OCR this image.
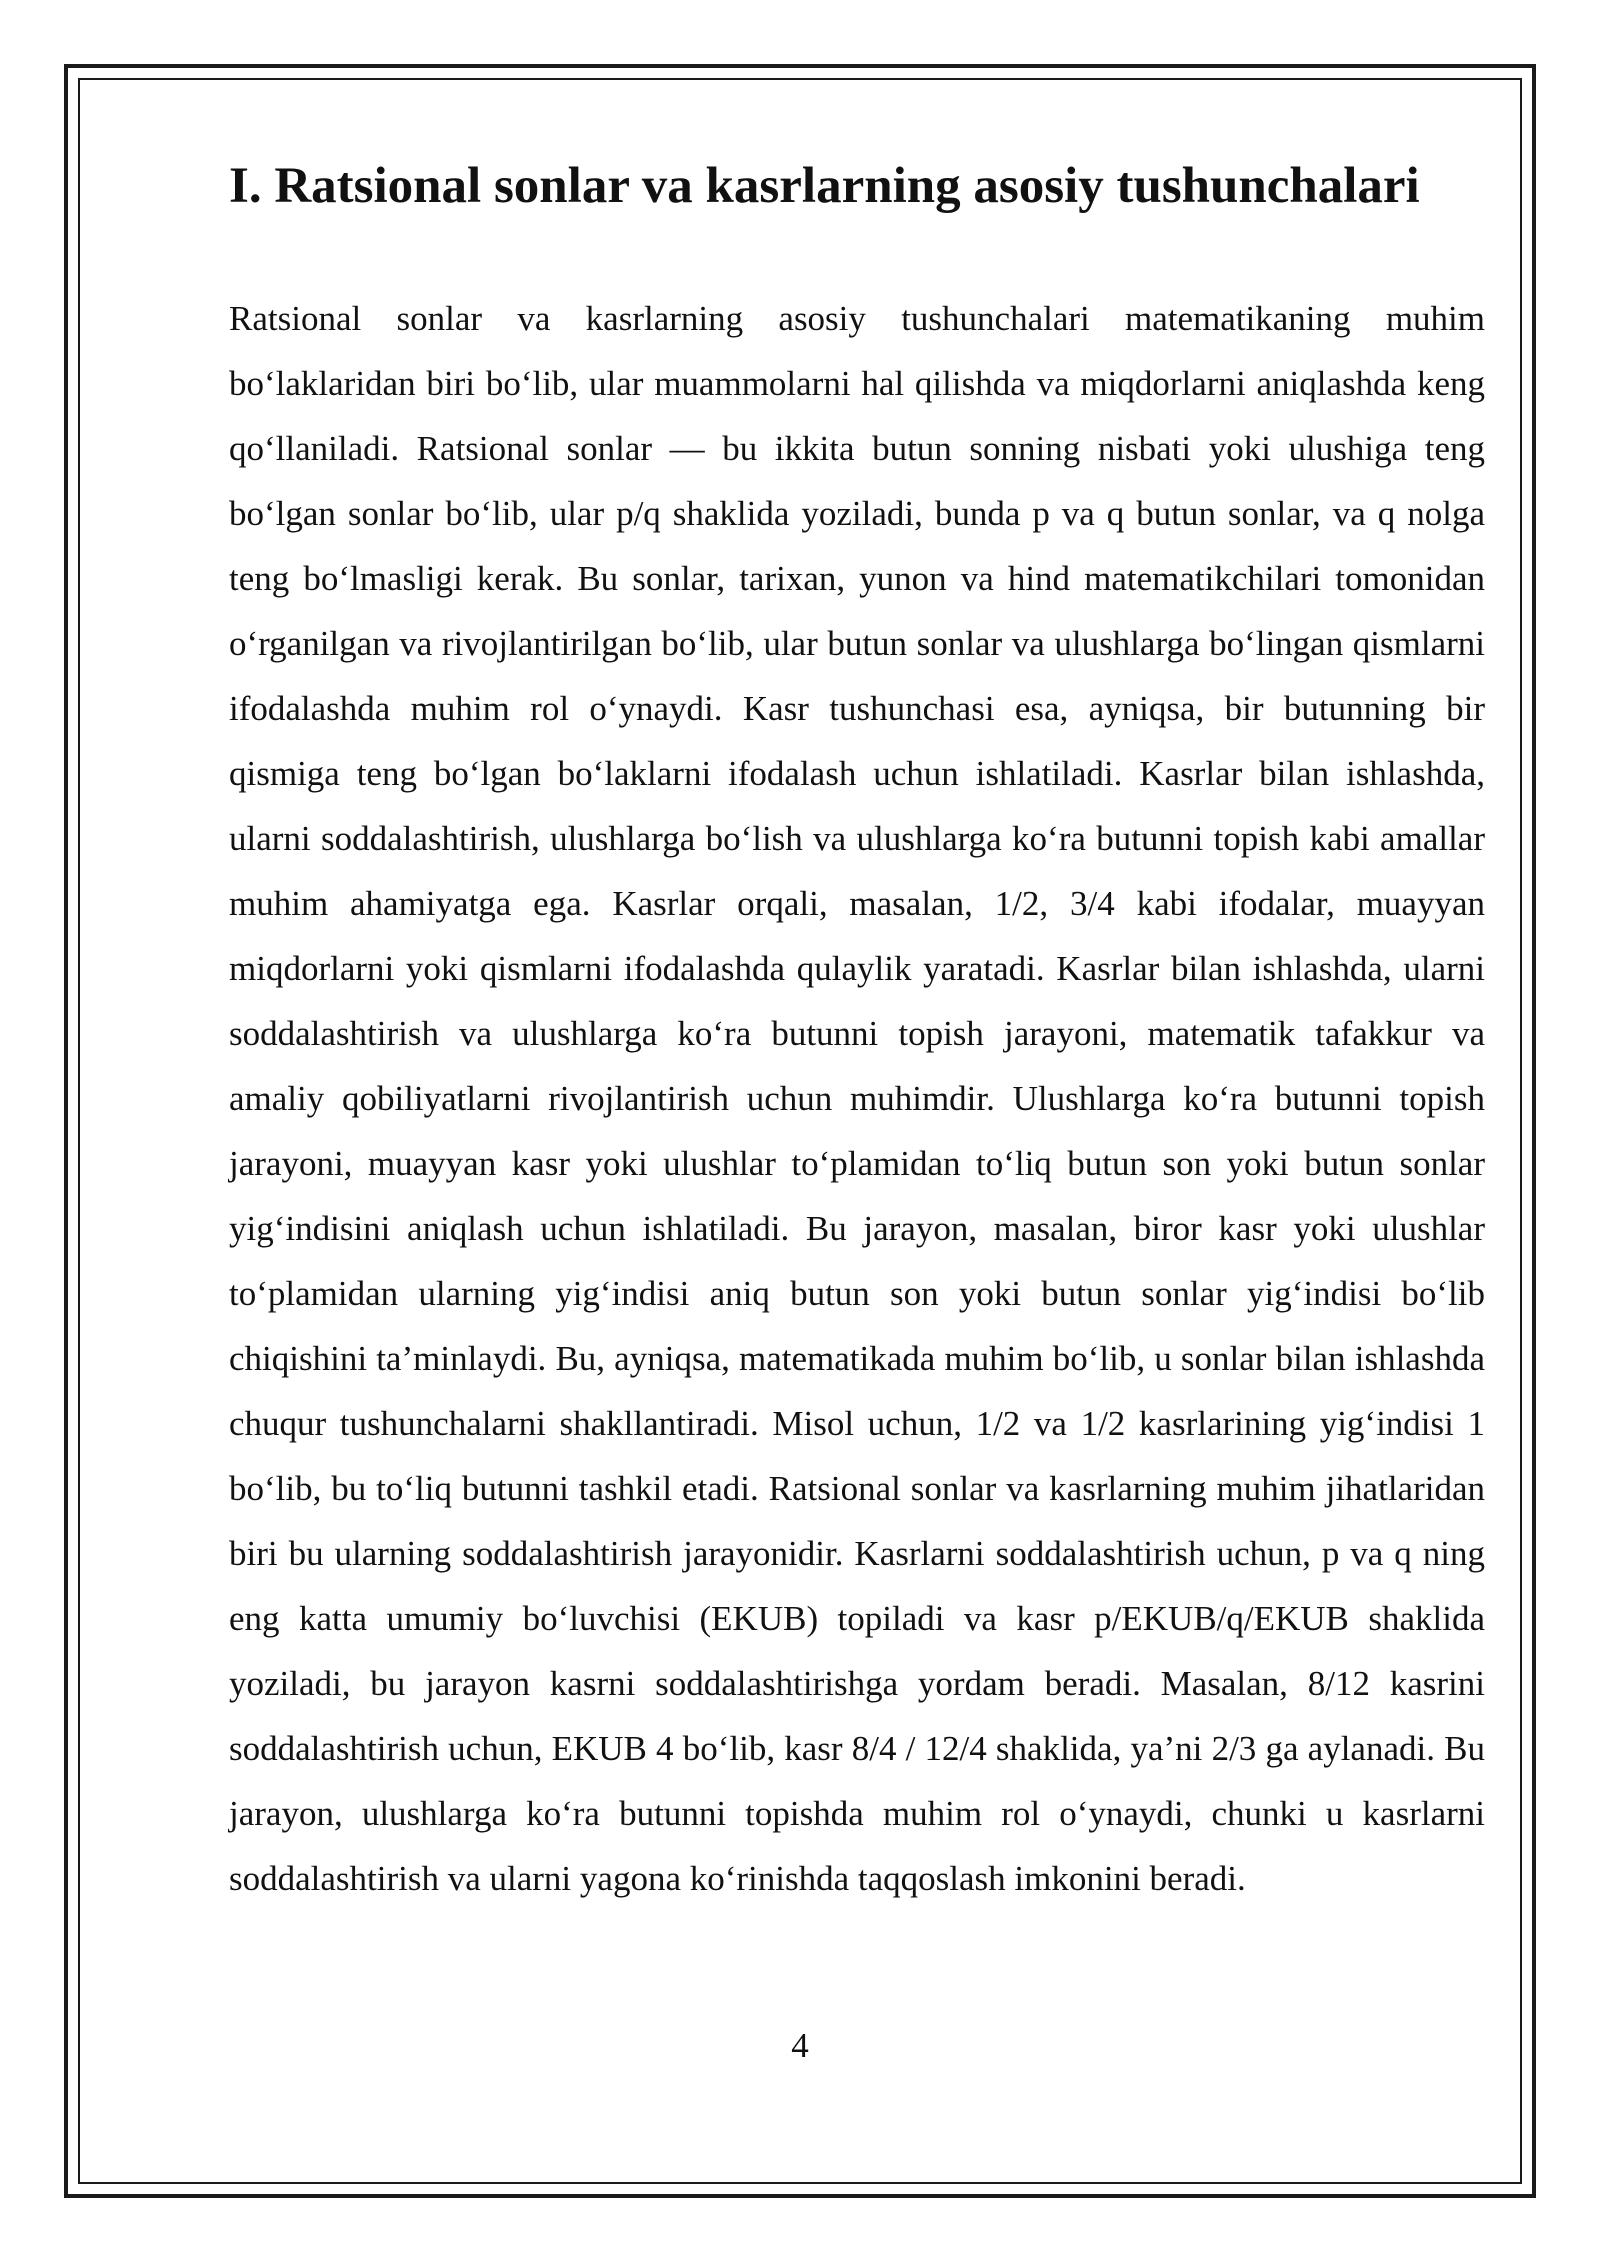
I. Ratsional sonlar va kasrlarning asosiy tushunchalari

Ratsional sonlar va kasrlarning asosiy tushunchalari matematikaning muhim bo‘laklaridan biri bo‘lib, ular muammolarni hal qilishda va miqdorlarni aniqlashda keng qo‘llaniladi. Ratsional sonlar — bu ikkita butun sonning nisbati yoki ulushiga teng bo‘lgan sonlar bo‘lib, ular p/q shaklida yoziladi, bunda p va q butun sonlar, va q nolga teng bo‘lmasligi kerak. Bu sonlar, tarixan, yunon va hind matematikchilari tomonidan o‘rganilgan va rivojlantirilgan bo‘lib, ular butun sonlar va ulushlarga bo‘lingan qismlarni ifodalashda muhim rol o‘ynaydi. Kasr tushunchasi esa, ayniqsa, bir butunning bir qismiga teng bo‘lgan bo‘laklarni ifodalash uchun ishlatiladi. Kasrlar bilan ishlashda, ularni soddalashtirish, ulushlarga bo‘lish va ulushlarga ko‘ra butunni topish kabi amallar muhim ahamiyatga ega. Kasrlar orqali, masalan, 1/2, 3/4 kabi ifodalar, muayyan miqdorlarni yoki qismlarni ifodalashda qulaylik yaratadi. Kasrlar bilan ishlashda, ularni soddalashtirish va ulushlarga ko‘ra butunni topish jarayoni, matematik tafakkur va amaliy qobiliyatlarni rivojlantirish uchun muhimdir. Ulushlarga ko‘ra butunni topish jarayoni, muayyan kasr yoki ulushlar to‘plamidan to‘liq butun son yoki butun sonlar yig‘indisini aniqlash uchun ishlatiladi. Bu jarayon, masalan, biror kasr yoki ulushlar to‘plamidan ularning yig‘indisi aniq butun son yoki butun sonlar yig‘indisi bo‘lib chiqishini ta’minlaydi. Bu, ayniqsa, matematikada muhim bo‘lib, u sonlar bilan ishlashda chuqur tushunchalarni shakllantiradi. Misol uchun, 1/2 va 1/2 kasrlarining yig‘indisi 1 bo‘lib, bu to‘liq butunni tashkil etadi. Ratsional sonlar va kasrlarning muhim jihatlaridan biri bu ularning soddalashtirish jarayonidir. Kasrlarni soddalashtirish uchun, p va q ning eng katta umumiy bo‘luvchisi (EKUB) topiladi va kasr p/EKUB/q/EKUB shaklida yoziladi, bu jarayon kasrni soddalashtirishga yordam beradi. Masalan, 8/12 kasrini soddalashtirish uchun, EKUB 4 bo‘lib, kasr 8/4 / 12/4 shaklida, ya’ni 2/3 ga aylanadi. Bu jarayon, ulushlarga ko‘ra butunni topishda muhim rol o‘ynaydi, chunki u kasrlarni soddalashtirish va ularni yagona ko‘rinishda taqqoslash imkonini beradi.

4
